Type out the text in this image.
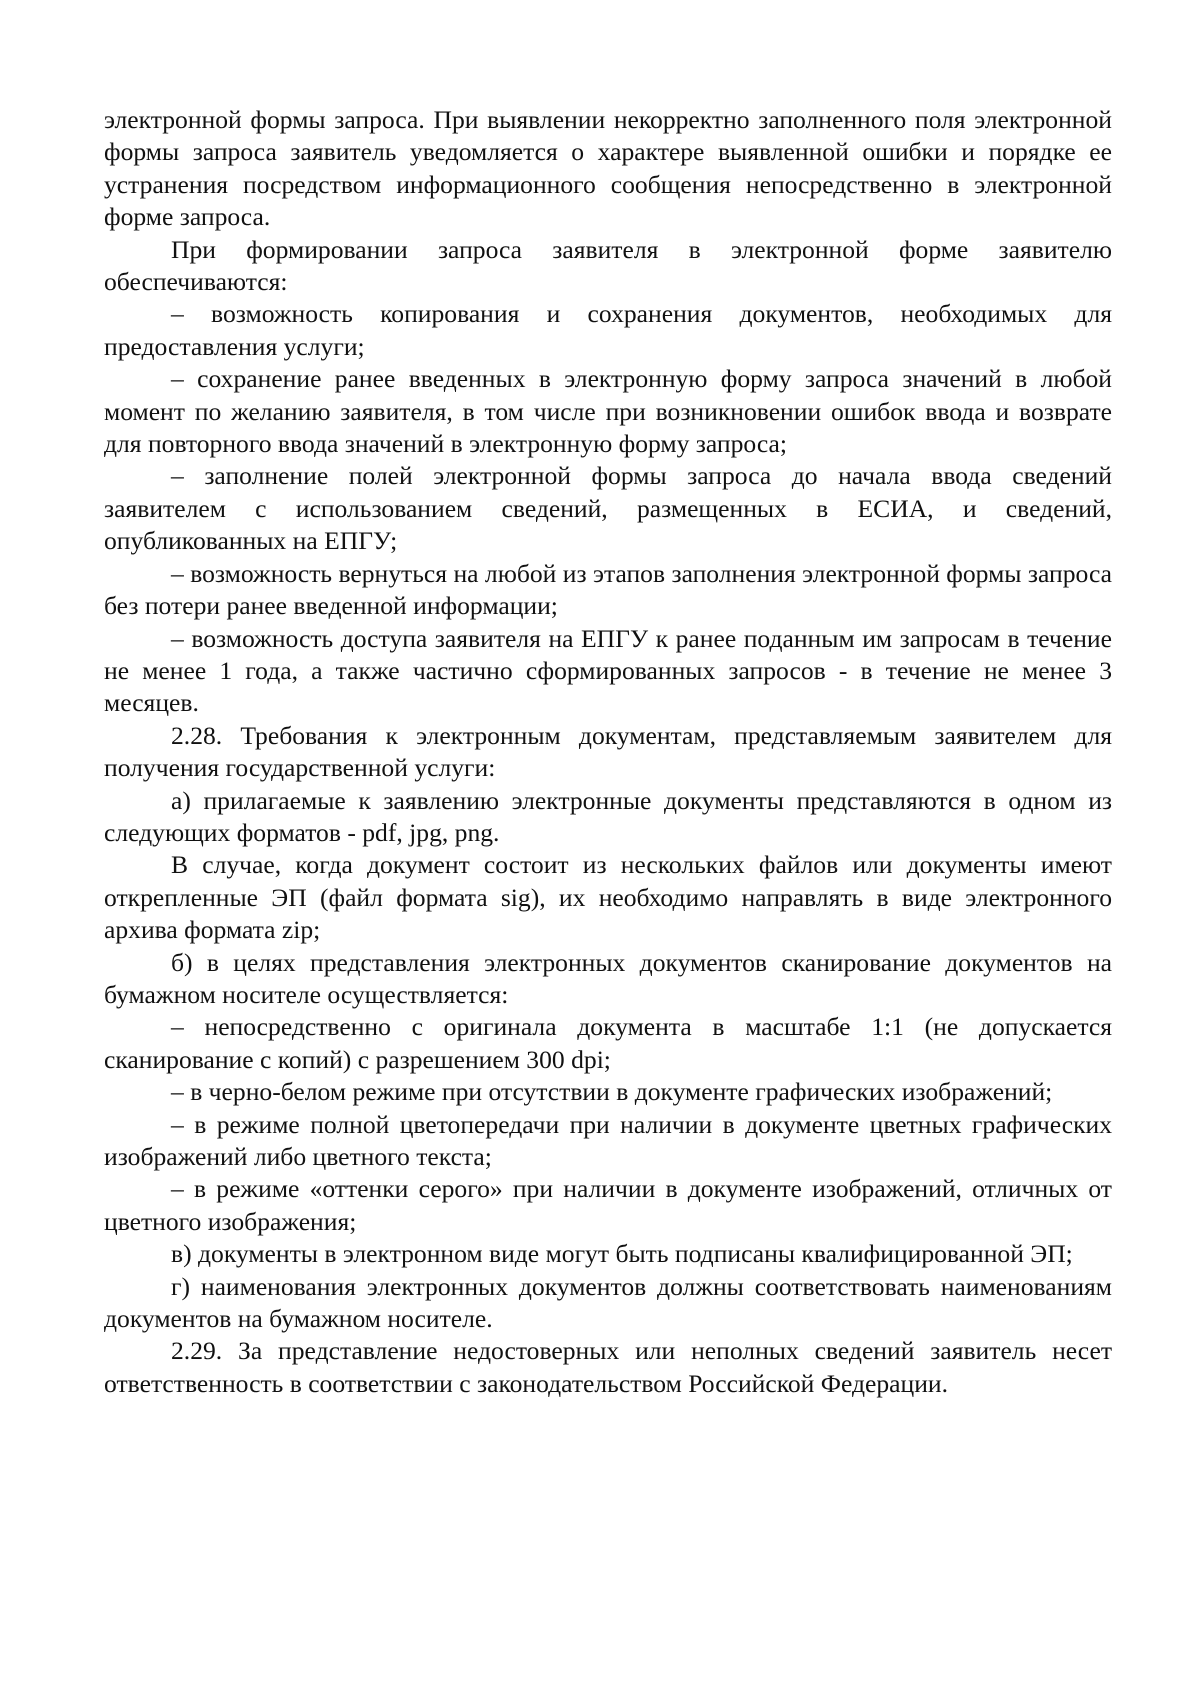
электронной формы запроса. При выявлении некорректно заполненного поля электронной формы запроса заявитель уведомляется о характере выявленной ошибки и порядке ее устранения посредством информационного сообщения непосредственно в электронной форме запроса.

При формировании запроса заявителя в электронной форме заявителю обеспечиваются:

– возможность копирования и сохранения документов, необходимых для предоставления услуги;

– сохранение ранее введенных в электронную форму запроса значений в любой момент по желанию заявителя, в том числе при возникновении ошибок ввода и возврате для повторного ввода значений в электронную форму запроса;

– заполнение полей электронной формы запроса до начала ввода сведений заявителем с использованием сведений, размещенных в ЕСИА, и сведений, опубликованных на ЕПГУ;

– возможность вернуться на любой из этапов заполнения электронной формы запроса без потери ранее введенной информации;

– возможность доступа заявителя на ЕПГУ к ранее поданным им запросам в течение не менее 1 года, а также частично сформированных запросов - в течение не менее 3 месяцев.

2.28. Требования к электронным документам, представляемым заявителем для получения государственной услуги:

а) прилагаемые к заявлению электронные документы представляются в одном из следующих форматов - pdf, jpg, png.

В случае, когда документ состоит из нескольких файлов или документы имеют открепленные ЭП (файл формата sig), их необходимо направлять в виде электронного архива формата zip;

б) в целях представления электронных документов сканирование документов на бумажном носителе осуществляется:

– непосредственно с оригинала документа в масштабе 1:1 (не допускается сканирование с копий) с разрешением 300 dpi;

– в черно-белом режиме при отсутствии в документе графических изображений;

– в режиме полной цветопередачи при наличии в документе цветных графических изображений либо цветного текста;

– в режиме «оттенки серого» при наличии в документе изображений, отличных от цветного изображения;

в) документы в электронном виде могут быть подписаны квалифицированной ЭП;

г) наименования электронных документов должны соответствовать наименованиям документов на бумажном носителе.

2.29. За представление недостоверных или неполных сведений заявитель несет ответственность в соответствии с законодательством Российской Федерации.
